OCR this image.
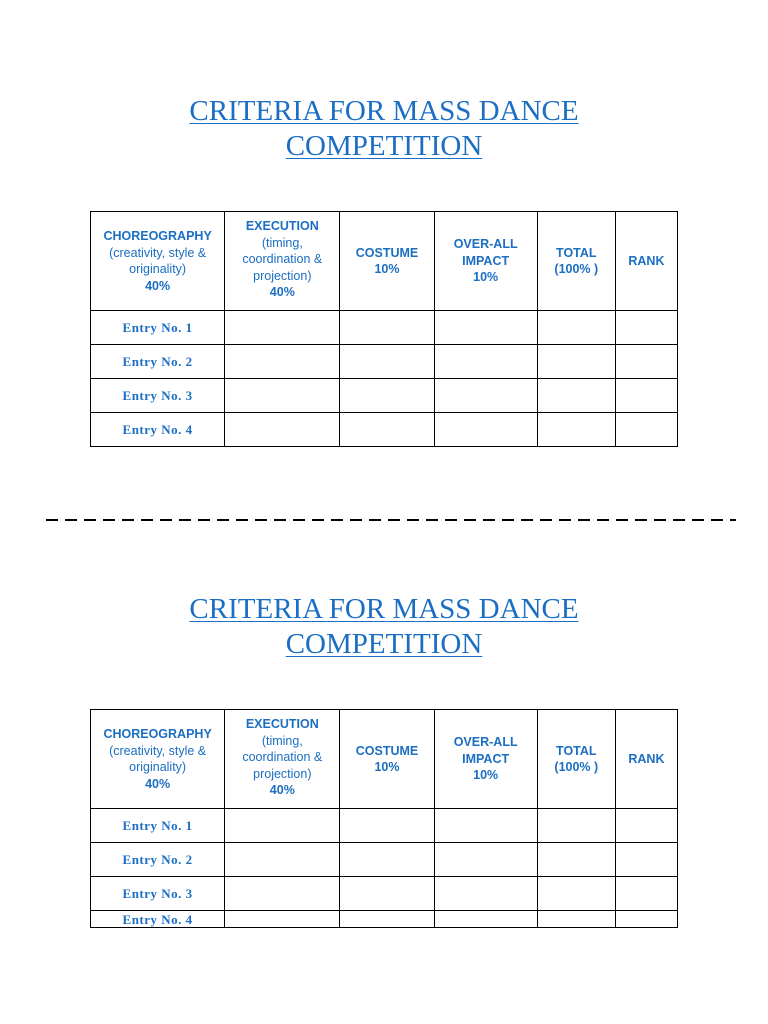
CRITERIA FOR MASS DANCE
COMPETITION
CHOREOGRAPHY
(creativity, style & originality)
40%	EXECUTION
(timing, coordination & projection)
40%	COSTUME
10%	OVER-ALL IMPACT
10%	TOTAL
(100% )	RANK

Entry No. 1					
Entry No. 2					
Entry No. 3					
Entry No. 4					
CRITERIA FOR MASS DANCE
COMPETITION
CHOREOGRAPHY
(creativity, style & originality)
40%	EXECUTION
(timing, coordination & projection)
40%	COSTUME
10%	OVER-ALL IMPACT
10%	TOTAL
(100% )	RANK

Entry No. 1					
Entry No. 2					
Entry No. 3					
Entry No. 4					
